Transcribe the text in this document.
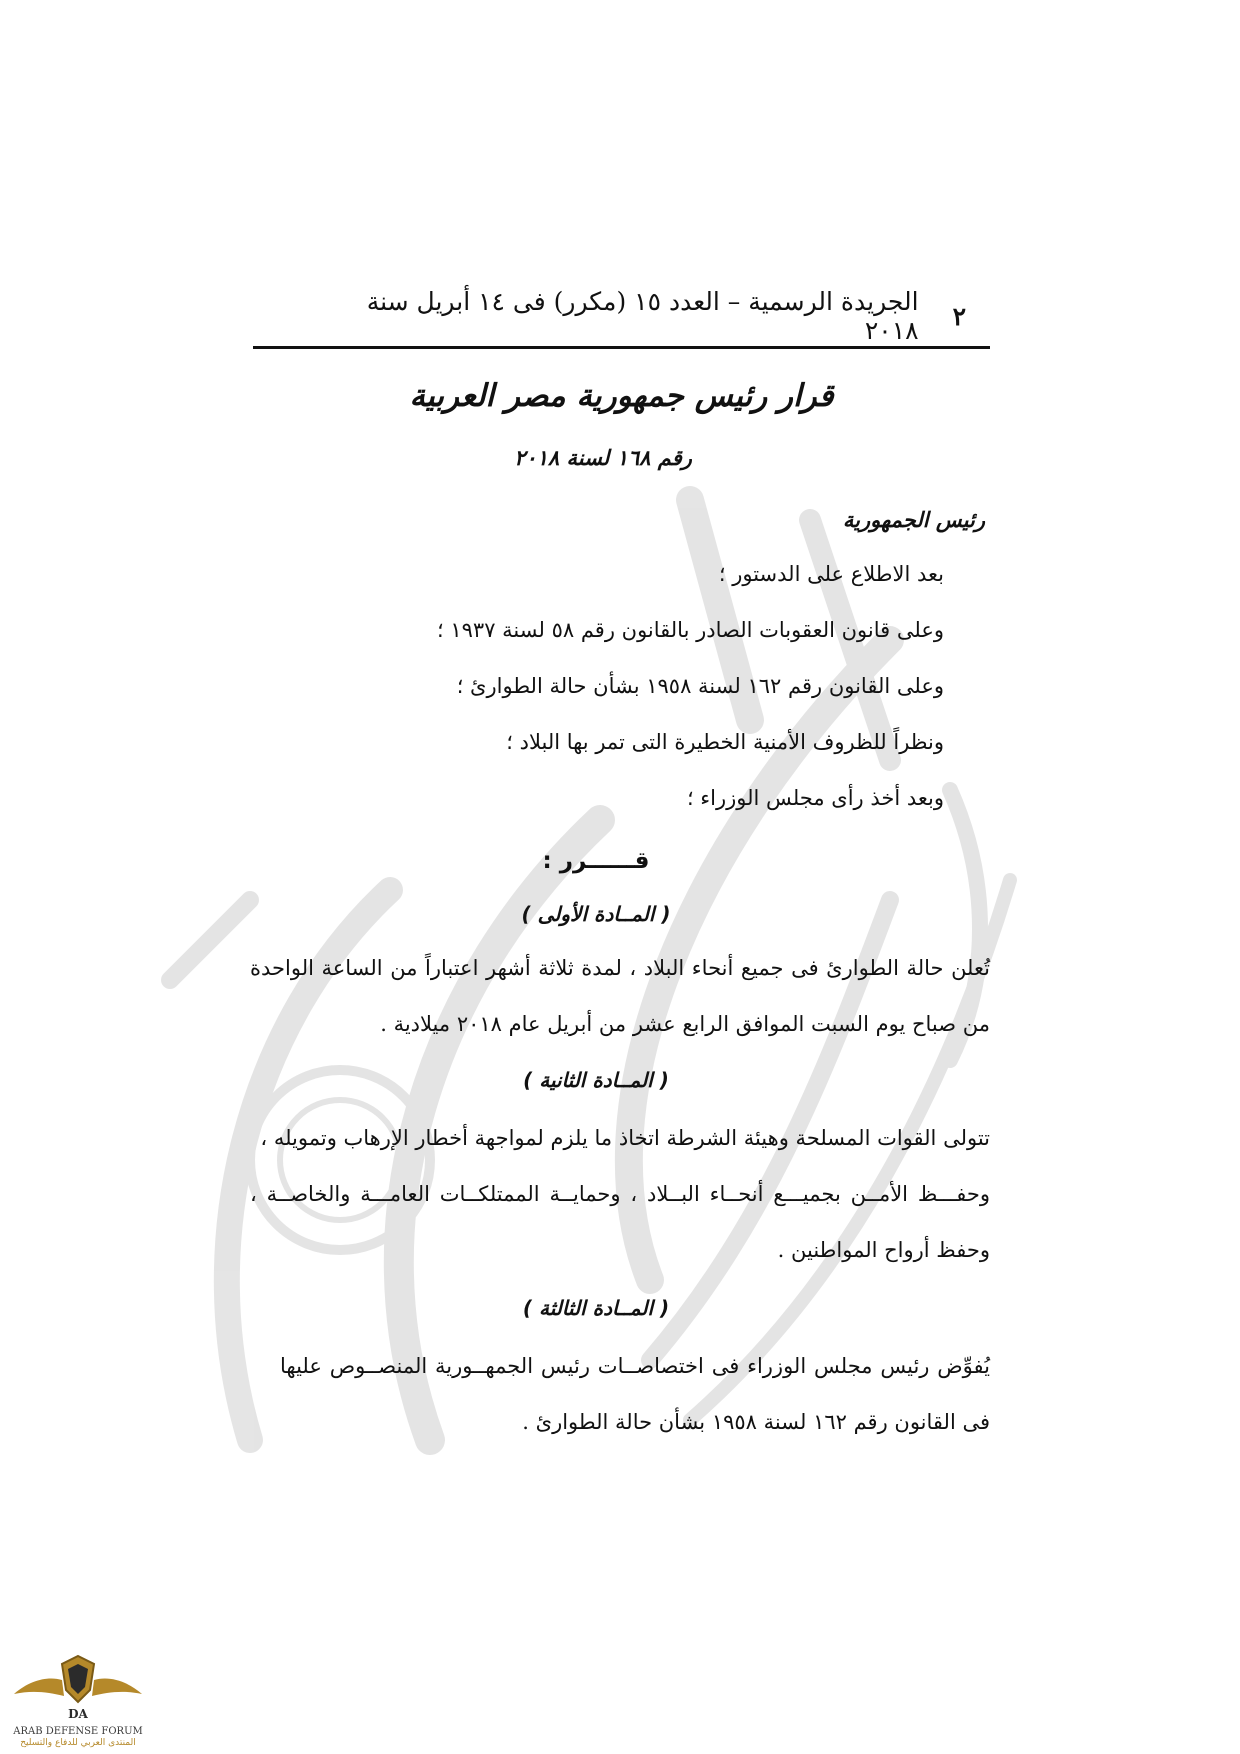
٢
الجريدة الرسمية – العدد ١٥ (مكرر) فى ١٤ أبريل سنة ٢٠١٨
قرار رئيس جمهورية مصر العربية
رقم ١٦٨ لسنة ٢٠١٨
رئيس الجمهورية
بعد الاطلاع على الدستور ؛
وعلى قانون العقوبات الصادر بالقانون رقم ٥٨ لسنة ١٩٣٧ ؛
وعلى القانون رقم ١٦٢ لسنة ١٩٥٨ بشأن حالة الطوارئ ؛
ونظراً للظروف الأمنية الخطيرة التى تمر بها البلاد ؛
وبعد أخذ رأى مجلس الوزراء ؛
قــــــرر :
( المــادة الأولى )
تُعلن حالة الطوارئ فى جميع أنحاء البلاد ، لمدة ثلاثة أشهر اعتباراً من الساعة الواحدة
من صباح يوم السبت الموافق الرابع عشر من أبريل عام ٢٠١٨ ميلادية .
( المــادة الثانية )
تتولى القوات المسلحة وهيئة الشرطة اتخاذ ما يلزم لمواجهة أخطار الإرهاب وتمويله ،
وحفـــظ الأمــن بجميـــع أنحــاء البــلاد ، وحمايــة الممتلكــات العامـــة والخاصــة ،
وحفظ أرواح المواطنين .
( المــادة الثالثة )
يُفوِّض رئيس مجلس الوزراء فى اختصاصــات رئيس الجمهــورية المنصــوص عليها
فى القانون رقم ١٦٢ لسنة ١٩٥٨ بشأن حالة الطوارئ .
DA
ARAB DEFENSE FORUM
المنتدى العربي للدفاع والتسليح
